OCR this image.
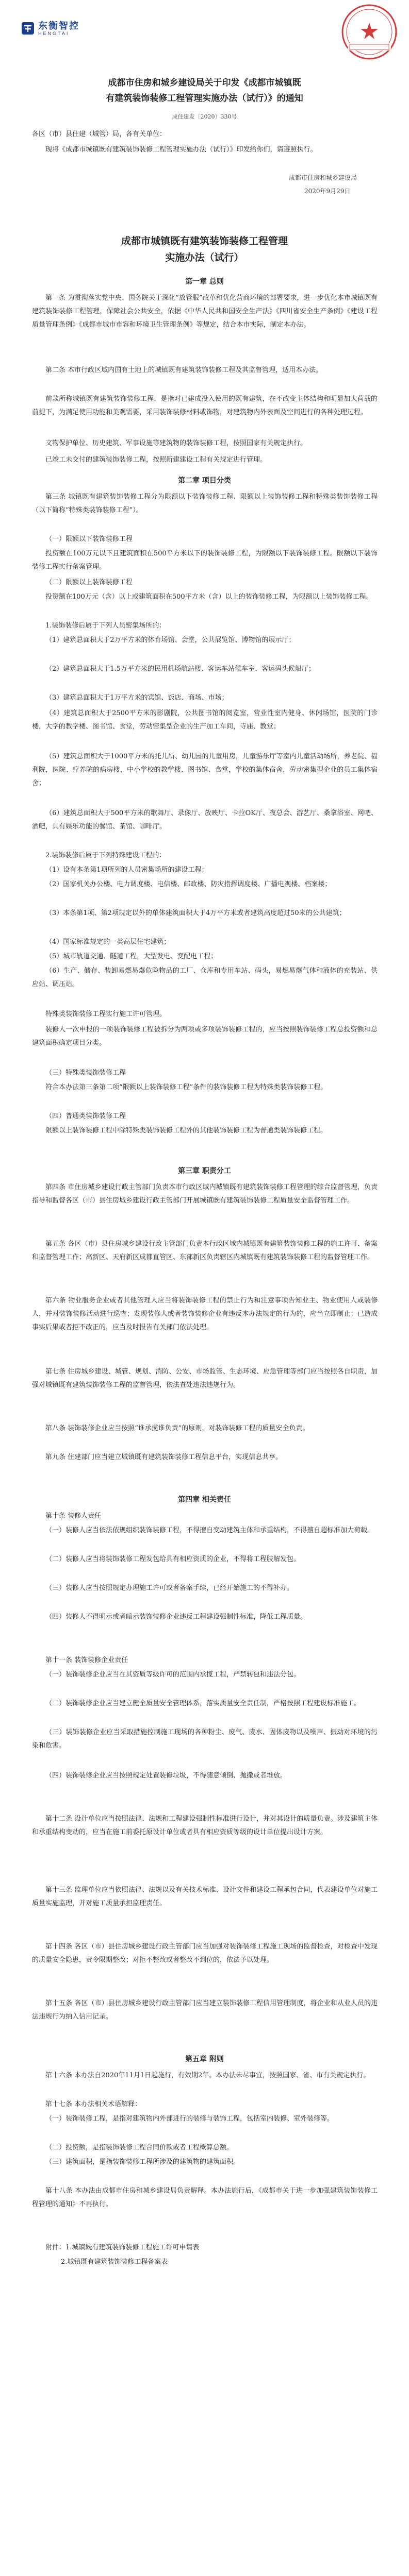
东衡智控
HENGTAI
成都市住房和城乡建设局关于印发《成都市城镇既
有建筑装饰装修工程管理实施办法（试行）》的通知
成住建发〔2020〕330号
各区（市）县住建（城管）局，各有关单位：
现将《成都市城镇既有建筑装饰装修工程管理实施办法（试行）》印发给你们，请遵照执行。
成都市住房和城乡建设局
2020年9月29日
成都市城镇既有建筑装饰装修工程管理
实施办法（试行）
第一章 总则
第一条 为贯彻落实党中央、国务院关于深化“放管服”改革和优化营商环境的部署要求，进一步优化本市城镇既有建筑装饰装修工程管理，保障社会公共安全，依据《中华人民共和国安全生产法》《四川省安全生产条例》《建设工程质量管理条例》《成都市城市市容和环境卫生管理条例》等规定，结合本市实际，制定本办法。
第二条 本市行政区域内国有土地上的城镇既有建筑装饰装修工程及其监督管理，适用本办法。
前款所称城镇既有建筑装饰装修工程，是指对已建成投入使用的既有建筑，在不改变主体结构和明显加大荷载的前提下，为满足使用功能和美观需要，采用装饰装修材料或饰物，对建筑物内外表面及空间进行的各种处理过程。
文物保护单位、历史建筑、军事设施等建筑物的装饰装修工程，按照国家有关规定执行。
已竣工未交付的建筑装饰装修工程，按照新建建设工程有关规定进行管理。
第二章 项目分类
第三条 城镇既有建筑装饰装修工程分为限额以下装饰装修工程、限额以上装饰装修工程和特殊类装饰装修工程（以下简称“特殊类装饰装修工程”）。
（一）限额以下装饰装修工程
投资额在100万元以下且建筑面积在500平方米以下的装饰装修工程，为限额以下装饰装修工程。限额以下装饰装修工程实行备案管理。
（二）限额以上装饰装修工程
投资额在100万元（含）以上或建筑面积在500平方米（含）以上的装饰装修工程，为限额以上装饰装修工程。
1.装饰装修后属于下列人员密集场所的：
（1）建筑总面积大于2万平方米的体育场馆、会堂，公共展览馆、博物馆的展示厅；
（2）建筑总面积大于1.5万平方米的民用机场航站楼、客运车站候车室、客运码头候船厅；
（3）建筑总面积大于1万平方米的宾馆、饭店、商场、市场；
（4）建筑总面积大于2500平方米的影剧院，公共图书馆的阅览室，营业性室内健身、休闲场馆，医院的门诊楼，大学的教学楼、图书馆、食堂，劳动密集型企业的生产加工车间，寺庙、教堂；
（5）建筑总面积大于1000平方米的托儿所、幼儿园的儿童用房，儿童游乐厅等室内儿童活动场所，养老院、福利院，医院、疗养院的病房楼，中小学校的教学楼、图书馆、食堂，学校的集体宿舍，劳动密集型企业的员工集体宿舍；
（6）建筑总面积大于500平方米的歌舞厅、录像厅、放映厅、卡拉OK厅、夜总会、游艺厅、桑拿浴室、网吧、酒吧，具有娱乐功能的餐馆、茶馆、咖啡厅。
2.装饰装修后属于下列特殊建设工程的：
（1）设有本条第1项所列的人员密集场所的建设工程；
（2）国家机关办公楼、电力调度楼、电信楼、邮政楼、防灾指挥调度楼、广播电视楼、档案楼；
（3）本条第1项、第2项规定以外的单体建筑面积大于4万平方米或者建筑高度超过50米的公共建筑；
（4）国家标准规定的一类高层住宅建筑；
（5）城市轨道交通、隧道工程，大型发电、变配电工程；
（6）生产、储存、装卸易燃易爆危险物品的工厂、仓库和专用车站、码头，易燃易爆气体和液体的充装站、供应站、调压站。
特殊类装饰装修工程实行施工许可管理。
装修人一次申报的一项装饰装修工程被拆分为两项或多项装饰装修工程的，应当按照装饰装修工程总投资额和总建筑面积确定项目分类。
（三）特殊类装饰装修工程
符合本办法第三条第二项“限额以上装饰装修工程”条件的装饰装修工程为特殊类装饰装修工程。
（四）普通类装饰装修工程
限额以上装饰装修工程中除特殊类装饰装修工程外的其他装饰装修工程为普通类装饰装修工程。
第三章 职责分工
第四条 市住房城乡建设行政主管部门负责本市行政区域内城镇既有建筑装饰装修工程管理的综合监督管理，负责指导和监督各区（市）县住房城乡建设行政主管部门开展城镇既有建筑装饰装修工程质量安全监督管理工作。
第五条 各区（市）县住房城乡建设行政主管部门负责本行政区域内城镇既有建筑装饰装修工程的施工许可、备案和监督管理工作；高新区、天府新区成都直管区、东部新区负责辖区内城镇既有建筑装饰装修工程的监督管理工作。
第六条 物业服务企业或者其他管理人应当将装饰装修工程的禁止行为和注意事项告知业主、物业使用人或装修人，并对装饰装修活动进行巡查；发现装修人或者装饰装修企业有违反本办法规定的行为的，应当立即制止；已造成事实后果或者拒不改正的，应当及时报告有关部门依法处理。
第七条 住房城乡建设、城管、规划、消防、公安、市场监管、生态环境、应急管理等部门应当按照各自职责，加强对城镇既有建筑装饰装修工程的监督管理，依法查处违法违规行为。
第八条 装饰装修企业应当按照“谁承揽谁负责”的原则，对装饰装修工程的质量安全负责。
第九条 住建部门应当建立城镇既有建筑装饰装修工程信息平台，实现信息共享。
第四章 相关责任
第十条 装修人责任
（一）装修人应当依法依规组织装饰装修工程，不得擅自变动建筑主体和承重结构，不得擅自超标准加大荷载。
（二）装修人应当将装饰装修工程发包给具有相应资质的企业，不得将工程肢解发包。
（三）装修人应当按照规定办理施工许可或者备案手续，已经开始施工的不得补办。
（四）装修人不得明示或者暗示装饰装修企业违反工程建设强制性标准，降低工程质量。
第十一条 装饰装修企业责任
（一）装饰装修企业应当在其资质等级许可的范围内承揽工程，严禁转包和违法分包。
（二）装饰装修企业应当建立健全质量安全管理体系，落实质量安全责任制，严格按照工程建设标准施工。
（三）装饰装修企业应当采取措施控制施工现场的各种粉尘、废气、废水、固体废物以及噪声、振动对环境的污染和危害。
（四）装饰装修企业应当按照规定处置装修垃圾，不得随意倾倒、抛撒或者堆放。
第十二条 设计单位应当按照法律、法规和工程建设强制性标准进行设计，并对其设计的质量负责。涉及建筑主体和承重结构变动的，应当在施工前委托原设计单位或者具有相应资质等级的设计单位提出设计方案。
第十三条 监理单位应当依照法律、法规以及有关技术标准、设计文件和建设工程承包合同，代表建设单位对施工质量实施监理，并对施工质量承担监理责任。
第十四条 各区（市）县住房城乡建设行政主管部门应当加强对装饰装修工程施工现场的监督检查，对检查中发现的质量安全隐患，责令限期整改；对拒不整改或者整改不到位的，依法予以处理。
第十五条 各区（市）县住房城乡建设行政主管部门应当建立装饰装修工程信用管理制度，将企业和从业人员的违法违规行为纳入信用记录。
第五章 附则
第十六条 本办法自2020年11月1日起施行，有效期2年。本办法未尽事宜，按照国家、省、市有关规定执行。
第十七条 本办法相关术语解释：
（一）装饰装修工程，是指对建筑物内外部进行的装修与装饰工程，包括室内装修、室外装修等。
（二）投资额，是指装饰装修工程合同价款或者工程概算总额。
（三）建筑面积，是指装饰装修工程所涉及的建筑物的建筑面积。
第十八条 本办法由成都市住房和城乡建设局负责解释。本办法施行后，《成都市关于进一步加强建筑装饰装修工程管理的通知》不再执行。
附件：1.城镇既有建筑装饰装修工程施工许可申请表
2.城镇既有建筑装饰装修工程备案表
